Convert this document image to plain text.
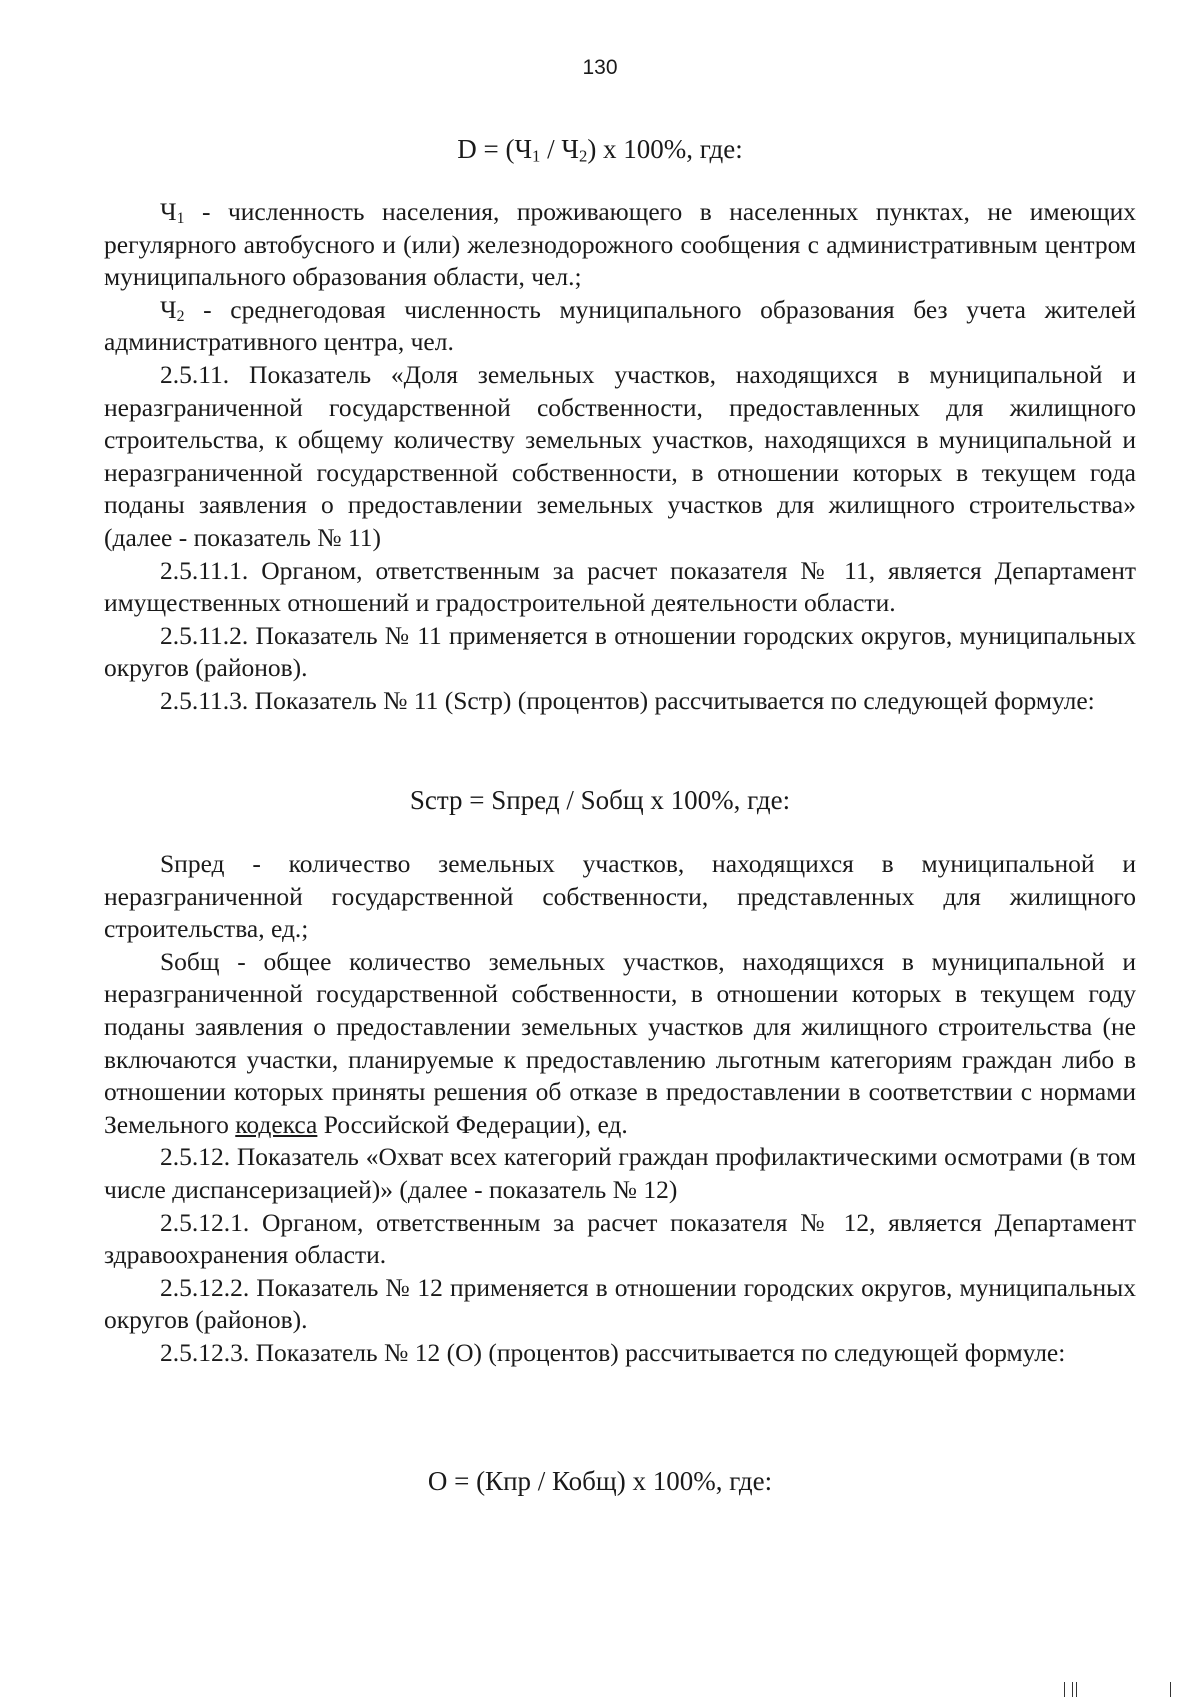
130
$D = (Ч_1 / Ч_2)$ х 100%, где:

$Ч_1$ - численность населения, проживающего в населенных пунктах, не имеющих регулярного автобусного и (или) железнодорожного сообщения с административным центром муниципального образования области, чел.;

$Ч_2$ - среднегодовая численность муниципального образования без учета жителей административного центра, чел.

2.5.11. Показатель «Доля земельных участков, находящихся в муниципальной и неразграниченной государственной собственности, предоставленных для жилищного строительства, к общему количеству земельных участков, находящихся в муниципальной и неразграниченной государственной собственности, в отношении которых в текущем года поданы заявления о предоставлении земельных участков для жилищного строительства» (далее - показатель № 11)

2.5.11.1. Органом, ответственным за расчет показателя № 11, является Департамент имущественных отношений и градостроительной деятельности области.

2.5.11.2. Показатель № 11 применяется в отношении городских округов, муниципальных округов (районов).

2.5.11.3. Показатель № 11 (Sстр) (процентов) рассчитывается по следующей формуле:

Sстр = Sпред / Sобщ х 100%, где:

Sпред - количество земельных участков, находящихся в муниципальной и неразграниченной государственной собственности, представленных для жилищного строительства, ед.;

Sобщ - общее количество земельных участков, находящихся в муниципальной и неразграниченной государственной собственности, в отношении которых в текущем году поданы заявления о предоставлении земельных участков для жилищного строительства (не включаются участки, планируемые к предоставлению льготным категориям граждан либо в отношении которых приняты решения об отказе в предоставлении в соответствии с нормами Земельного кодекса Российской Федерации), ед.

2.5.12. Показатель «Охват всех категорий граждан профилактическими осмотрами (в том числе диспансеризацией)» (далее - показатель № 12)

2.5.12.1. Органом, ответственным за расчет показателя № 12, является Департамент здравоохранения области.

2.5.12.2. Показатель № 12 применяется в отношении городских округов, муниципальных округов (районов).

2.5.12.3. Показатель № 12 (О) (процентов) рассчитывается по следующей формуле:

О = (Кпр / Кобщ) х 100%, где:
